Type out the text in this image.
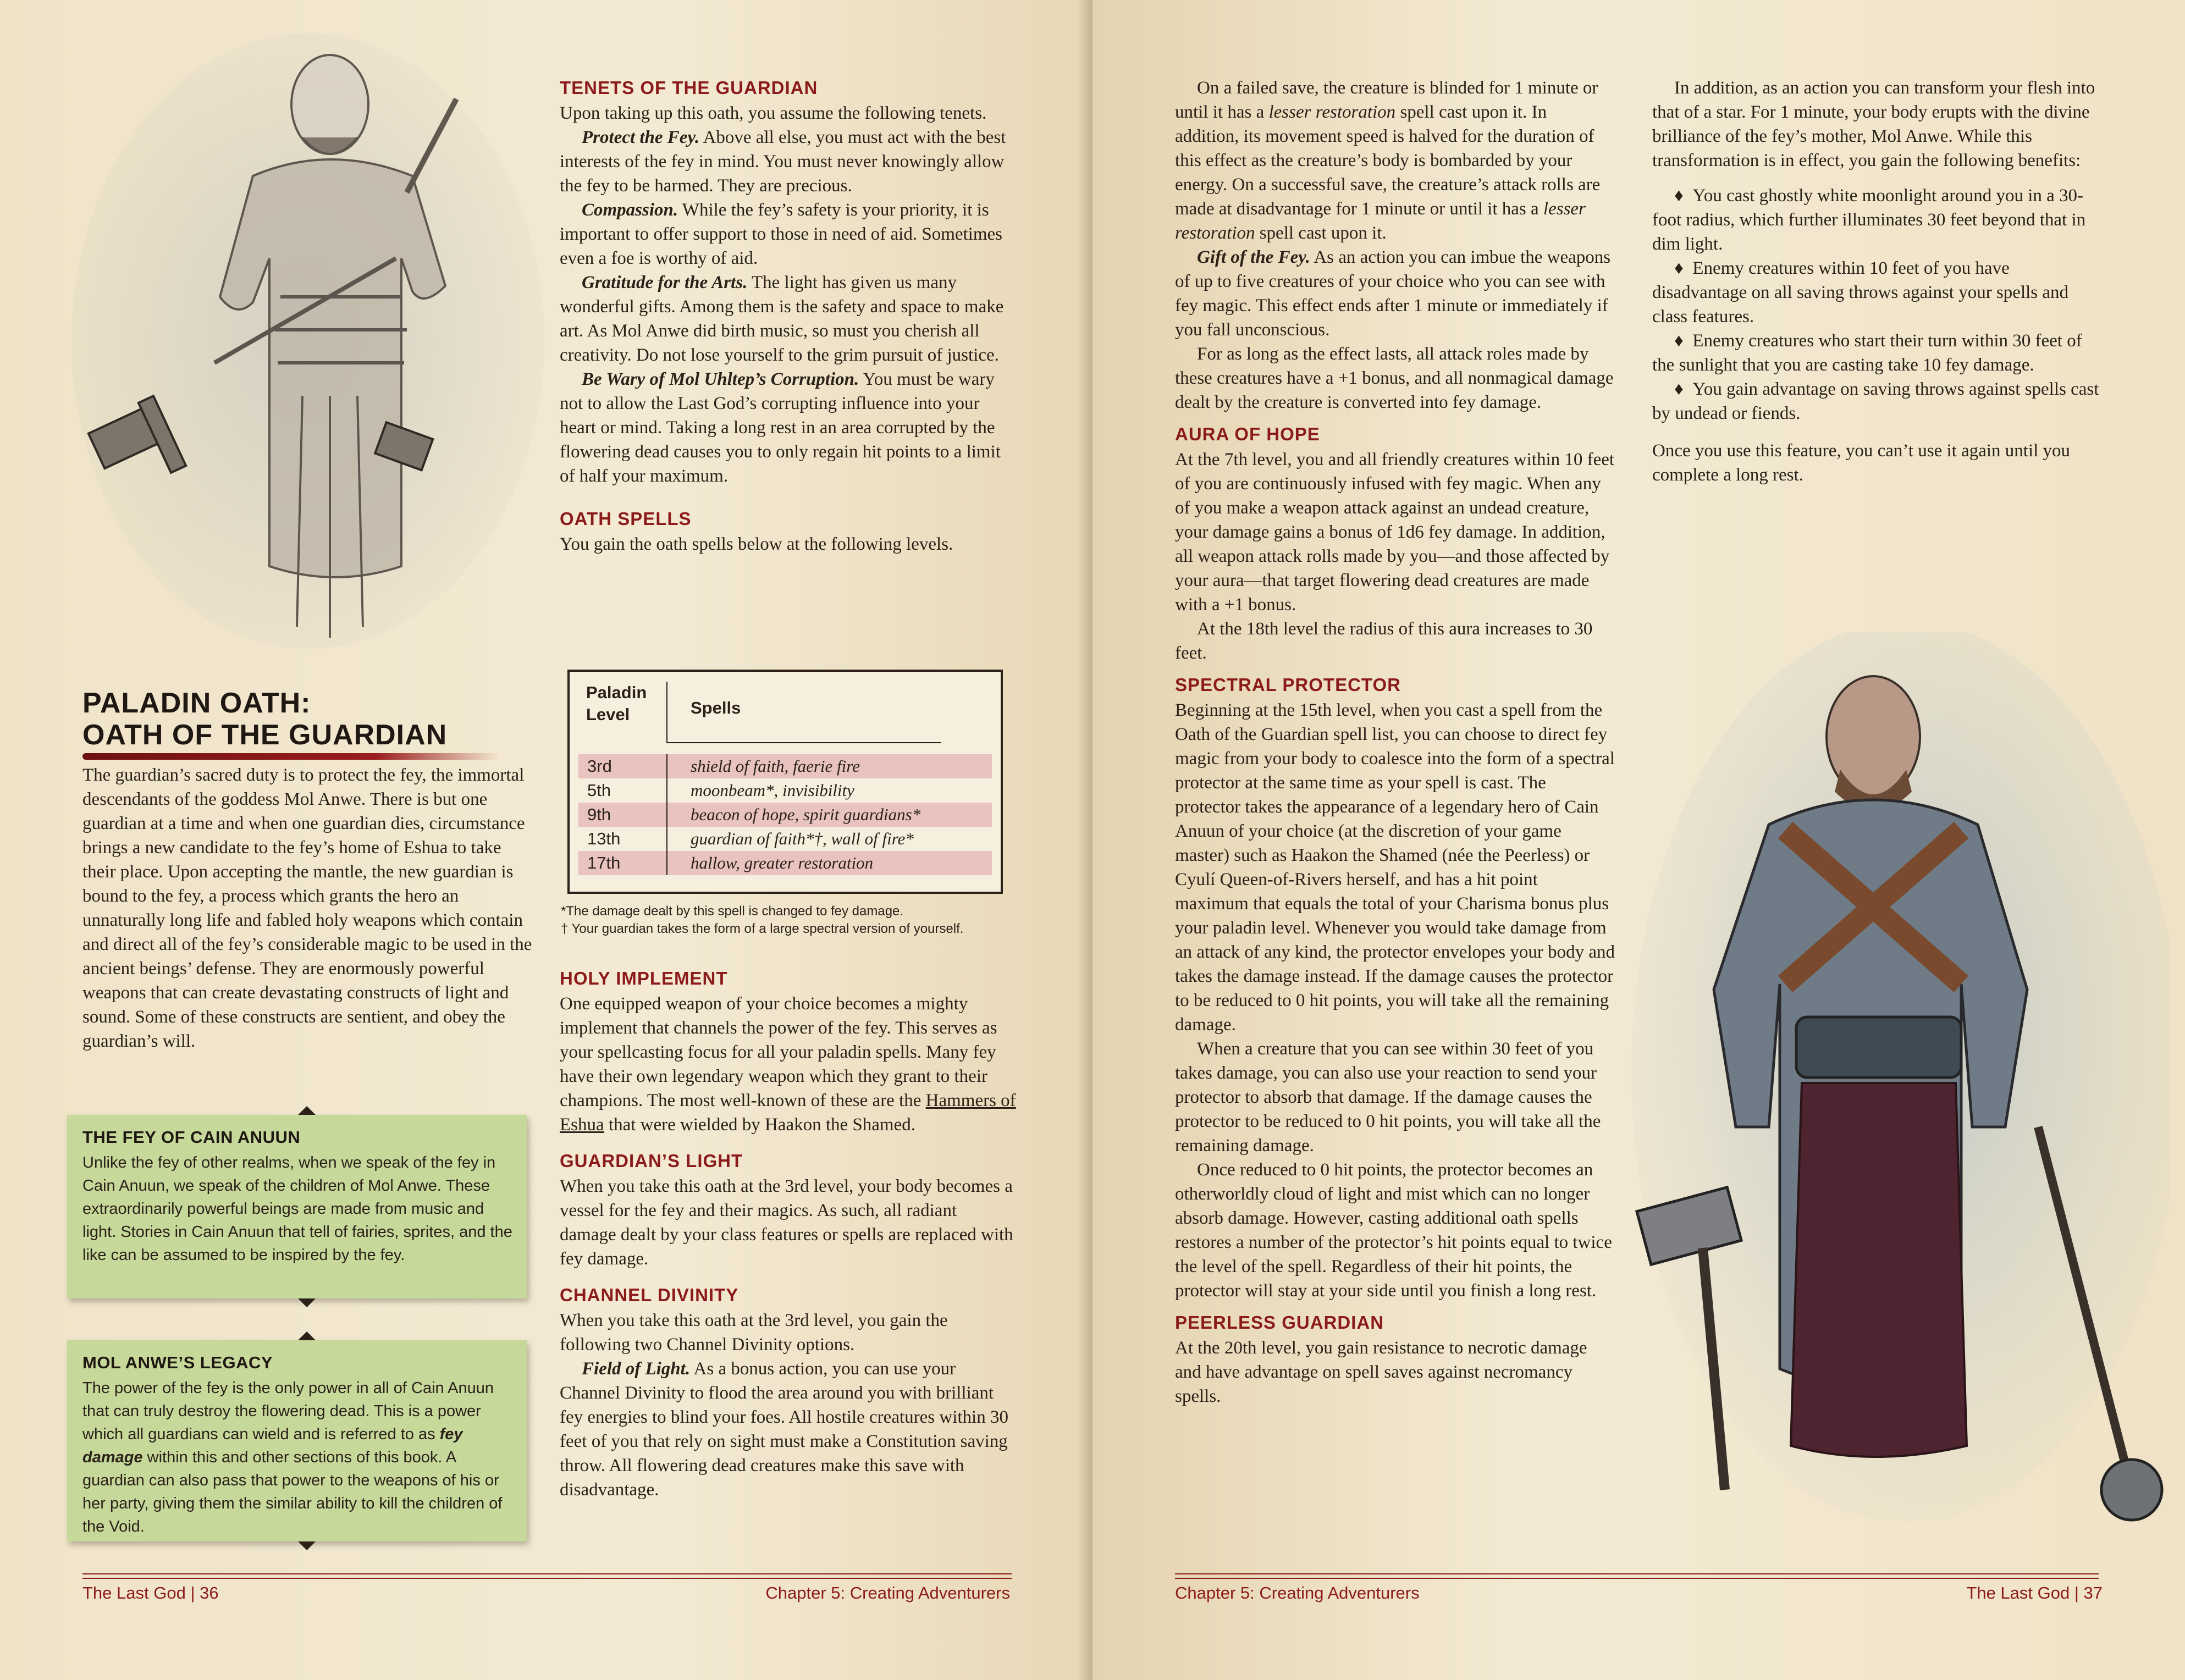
PALADIN OATH:
OATH OF THE GUARDIAN

The guardian’s sacred duty is to protect the fey, the immortal descendants of the goddess Mol Anwe. There is but one guardian at a time and when one guardian dies, circumstance brings a new candidate to the fey’s home of Eshua to take their place. Upon accepting the mantle, the new guardian is bound to the fey, a process which grants the hero an unnaturally long life and fabled holy weapons which contain and direct all of the fey’s considerable magic to be used in the ancient beings’ defense. They are enormously powerful weapons that can create devastating constructs of light and sound. Some of these constructs are sentient, and obey the guardian’s will.

THE FEY OF CAIN ANUUN
Unlike the fey of other realms, when we speak of the fey in Cain Anuun, we speak of the children of Mol Anwe. These extraordinarily powerful beings are made from music and light. Stories in Cain Anuun that tell of fairies, sprites, and the like can be assumed to be inspired by the fey.
MOL ANWE’S LEGACY
The power of the fey is the only power in all of Cain Anuun that can truly destroy the flowering dead. This is a power which all guardians can wield and is referred to as fey damage within this and other sections of this book. A guardian can also pass that power to the weapons of his or her party, giving them the similar ability to kill the children of the Void.
TENETS OF THE GUARDIAN

Upon taking up this oath, you assume the following tenets.

Protect the Fey. Above all else, you must act with the best interests of the fey in mind. You must never knowingly allow the fey to be harmed. They are precious.

Compassion. While the fey’s safety is your priority, it is important to offer support to those in need of aid. Sometimes even a foe is worthy of aid.

Gratitude for the Arts. The light has given us many wonderful gifts. Among them is the safety and space to make art. As Mol Anwe did birth music, so must you cherish all creativity. Do not lose yourself to the grim pursuit of justice.

Be Wary of Mol Uhltep’s Corruption. You must be wary not to allow the Last God’s corrupting influence into your heart or mind. Taking a long rest in an area corrupted by the flowering dead causes you to only regain hit points to a limit of half your maximum.

OATH SPELLS

You gain the oath spells below at the following levels.

Paladin
Level	Spells
3rd	shield of faith, faerie fire
5th	moonbeam*, invisibility
9th	beacon of hope, spirit guardians*
13th	guardian of faith*†, wall of fire*
17th	hallow, greater restoration
*The damage dealt by this spell is changed to fey damage.
† Your guardian takes the form of a large spectral version of yourself.
HOLY IMPLEMENT

One equipped weapon of your choice becomes a mighty implement that channels the power of the fey. This serves as your spellcasting focus for all your paladin spells. Many fey have their own legendary weapon which they grant to their champions. The most well-known of these are the Hammers of Eshua that were wielded by Haakon the Shamed.

GUARDIAN’S LIGHT

When you take this oath at the 3rd level, your body becomes a vessel for the fey and their magics. As such, all radiant damage dealt by your class features or spells are replaced with fey damage.

CHANNEL DIVINITY

When you take this oath at the 3rd level, you gain the following two Channel Divinity options.

Field of Light. As a bonus action, you can use your Channel Divinity to flood the area around you with brilliant fey energies to blind your foes. All hostile creatures within 30 feet of you that rely on sight must make a Constitution saving throw. All flowering dead creatures make this save with disadvantage.

The Last God | 36	Chapter 5: Creating Adventurers

On a failed save, the creature is blinded for 1 minute or until it has a lesser restoration spell cast upon it. In addition, its movement speed is halved for the duration of this effect as the creature’s body is bombarded by your energy. On a successful save, the creature’s attack rolls are made at disadvantage for 1 minute or until it has a lesser restoration spell cast upon it.

Gift of the Fey. As an action you can imbue the weapons of up to five creatures of your choice who you can see with fey magic. This effect ends after 1 minute or immediately if you fall unconscious.

For as long as the effect lasts, all attack roles made by these creatures have a +1 bonus, and all nonmagical damage dealt by the creature is converted into fey damage.

AURA OF HOPE

At the 7th level, you and all friendly creatures within 10 feet of you are continuously infused with fey magic. When any of you make a weapon attack against an undead creature, your damage gains a bonus of 1d6 fey damage. In addition, all weapon attack rolls made by you—and those affected by your aura—that target flowering dead creatures are made with a +1 bonus.

At the 18th level the radius of this aura increases to 30 feet.

SPECTRAL PROTECTOR

Beginning at the 15th level, when you cast a spell from the Oath of the Guardian spell list, you can choose to direct fey magic from your body to coalesce into the form of a spectral protector at the same time as your spell is cast. The protector takes the appearance of a legendary hero of Cain Anuun of your choice (at the discretion of your game master) such as Haakon the Shamed (née the Peerless) or Cyulí Queen-of-Rivers herself, and has a hit point maximum that equals the total of your Charisma bonus plus your paladin level. Whenever you would take damage from an attack of any kind, the protector envelopes your body and takes the damage instead. If the damage causes the protector to be reduced to 0 hit points, you will take all the remaining damage.

When a creature that you can see within 30 feet of you takes damage, you can also use your reaction to send your protector to absorb that damage. If the damage causes the protector to be reduced to 0 hit points, you will take all the remaining damage.

Once reduced to 0 hit points, the protector becomes an otherworldly cloud of light and mist which can no longer absorb damage. However, casting additional oath spells restores a number of the protector’s hit points equal to twice the level of the spell. Regardless of their hit points, the protector will stay at your side until you finish a long rest.

PEERLESS GUARDIAN

At the 20th level, you gain resistance to necrotic damage and have advantage on spell saves against necromancy spells.

In addition, as an action you can transform your flesh into that of a star. For 1 minute, your body erupts with the divine brilliance of the fey’s mother, Mol Anwe. While this transformation is in effect, you gain the following benefits:

♦ You cast ghostly white moonlight around you in a 30-foot radius, which further illuminates 30 feet beyond that in dim light.

♦ Enemy creatures within 10 feet of you have disadvantage on all saving throws against your spells and class features.

♦ Enemy creatures who start their turn within 30 feet of the sunlight that you are casting take 10 fey damage.

♦ You gain advantage on saving throws against spells cast by undead or fiends.

Once you use this feature, you can’t use it again until you complete a long rest.

Chapter 5: Creating Adventurers	The Last God | 37
